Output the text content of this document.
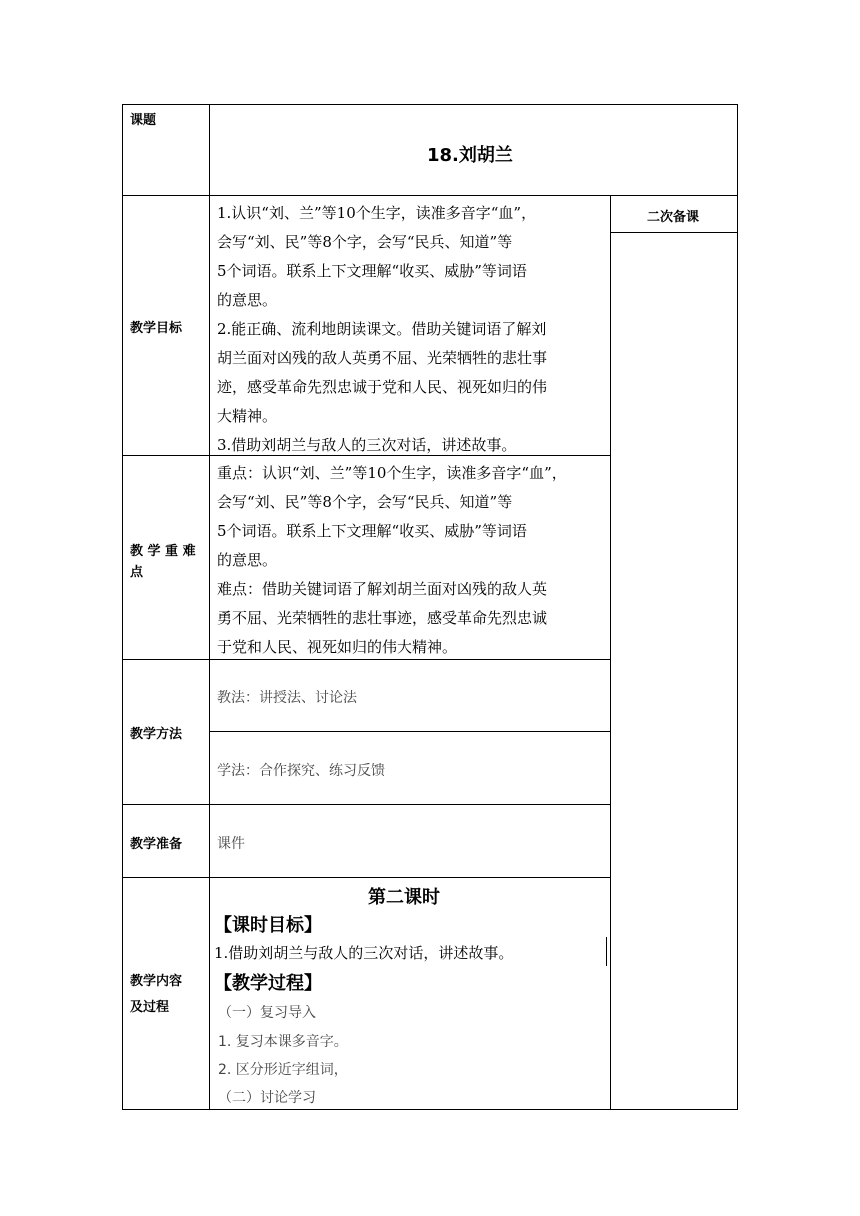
课题
教学目标
教 学 重 难
点
教学方法
教学准备
教学内容
及过程
18.刘胡兰
二次备课

1.认识“刘、兰”等10个生字，读准多音字“血”，

会写“刘、民”等8个字，会写“民兵、知道”等

5个词语。联系上下文理解“收买、威胁”等词语

的意思。

2.能正确、流利地朗读课文。借助关键词语了解刘

胡兰面对凶残的敌人英勇不屈、光荣牺牲的悲壮事

迹，感受革命先烈忠诚于党和人民、视死如归的伟

大精神。

3.借助刘胡兰与敌人的三次对话，讲述故事。

重点：认识“刘、兰”等10个生字，读准多音字“血”，

会写“刘、民”等8个字，会写“民兵、知道”等

5个词语。联系上下文理解“收买、威胁”等词语

的意思。

难点：借助关键词语了解刘胡兰面对凶残的敌人英

勇不屈、光荣牺牲的悲壮事迹，感受革命先烈忠诚

于党和人民、视死如归的伟大精神。

教法：讲授法、讨论法
学法：合作探究、练习反馈
课件
第二课时
【课时目标】
1.借助刘胡兰与敌人的三次对话，讲述故事。
【教学过程】
（一）复习导入
1. 复习本课多音字。
2. 区分形近字组词，
（二）讨论学习
